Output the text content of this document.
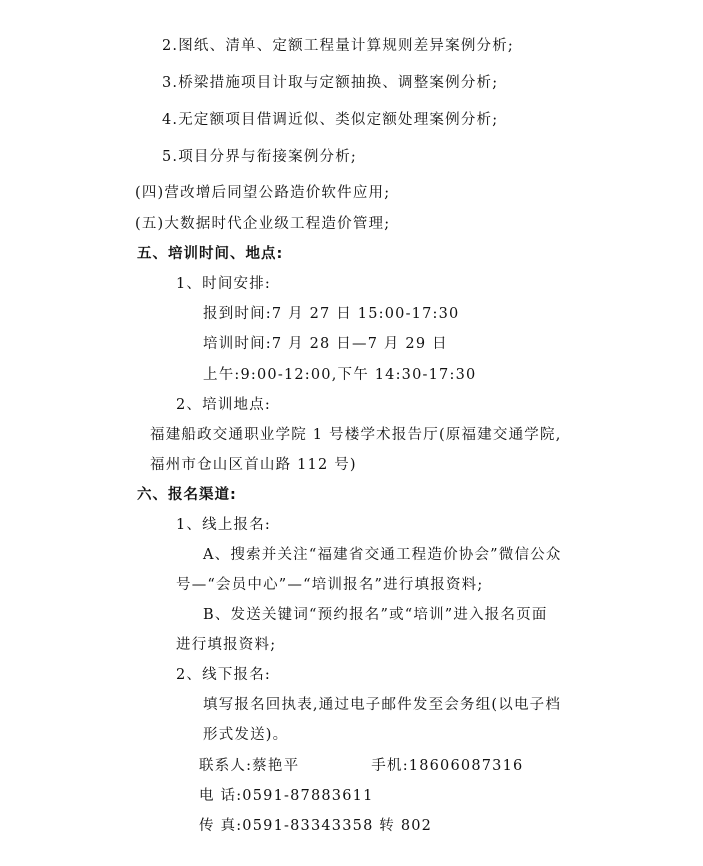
2.图纸、清单、定额工程量计算规则差异案例分析;
3.桥梁措施项目计取与定额抽换、调整案例分析;
4.无定额项目借调近似、类似定额处理案例分析;
5.项目分界与衔接案例分析;
(四)营改增后同望公路造价软件应用;
(五)大数据时代企业级工程造价管理;
五、培训时间、地点:
1、时间安排:
报到时间:7 月 27 日 15:00-17:30
培训时间:7 月 28 日—7 月 29 日
上午:9:00-12:00,下午 14:30-17:30
2、培训地点:
福建船政交通职业学院 1 号楼学术报告厅(原福建交通学院,
福州市仓山区首山路 112 号)
六、报名渠道:
1、线上报名:
A、搜索并关注“福建省交通工程造价协会”微信公众
号—“会员中心”—“培训报名”进行填报资料;
B、发送关键词“预约报名”或“培训”进入报名页面
进行填报资料;
2、线下报名:
填写报名回执表,通过电子邮件发至会务组(以电子档
形式发送)。
联系人:蔡艳平	手机:18606087316
电 话:0591-87883611
传 真:0591-83343358 转 802
